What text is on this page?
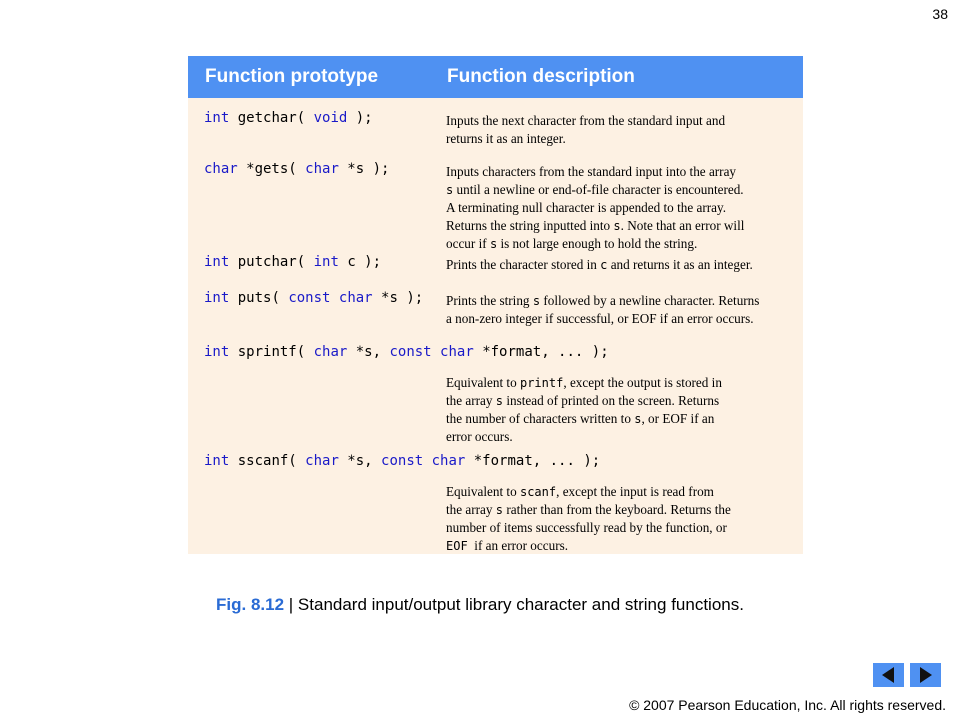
38
Function prototype	Function description
int getchar( void );	Inputs the next character from the standard input and
returns it as an integer.
char *gets( char *s );	Inputs characters from the standard input into the array
s until a newline or end-of-file character is encountered.
A terminating null character is appended to the array.
Returns the string inputted into s. Note that an error will
occur if s is not large enough to hold the string.
int putchar( int c );	Prints the character stored in c and returns it as an integer.
int puts( const char *s ); Prints the string s followed by a newline character. Returns
a non-zero integer if successful, or EOF if an error occurs.
int sprintf( char *s, const char *format, ... );
Equivalent to printf, except the output is stored in
the array s instead of printed on the screen. Returns
the number of characters written to s, or EOF if an
error occurs.
int sscanf( char *s, const char *format, ... );
Equivalent to scanf, except the input is read from
the array s rather than from the keyboard. Returns the
number of items successfully read by the function, or
EOF  if an error occurs.
Fig. 8.12 | Standard input/output library character and string functions.
© 2007 Pearson Education, Inc. All rights reserved.
